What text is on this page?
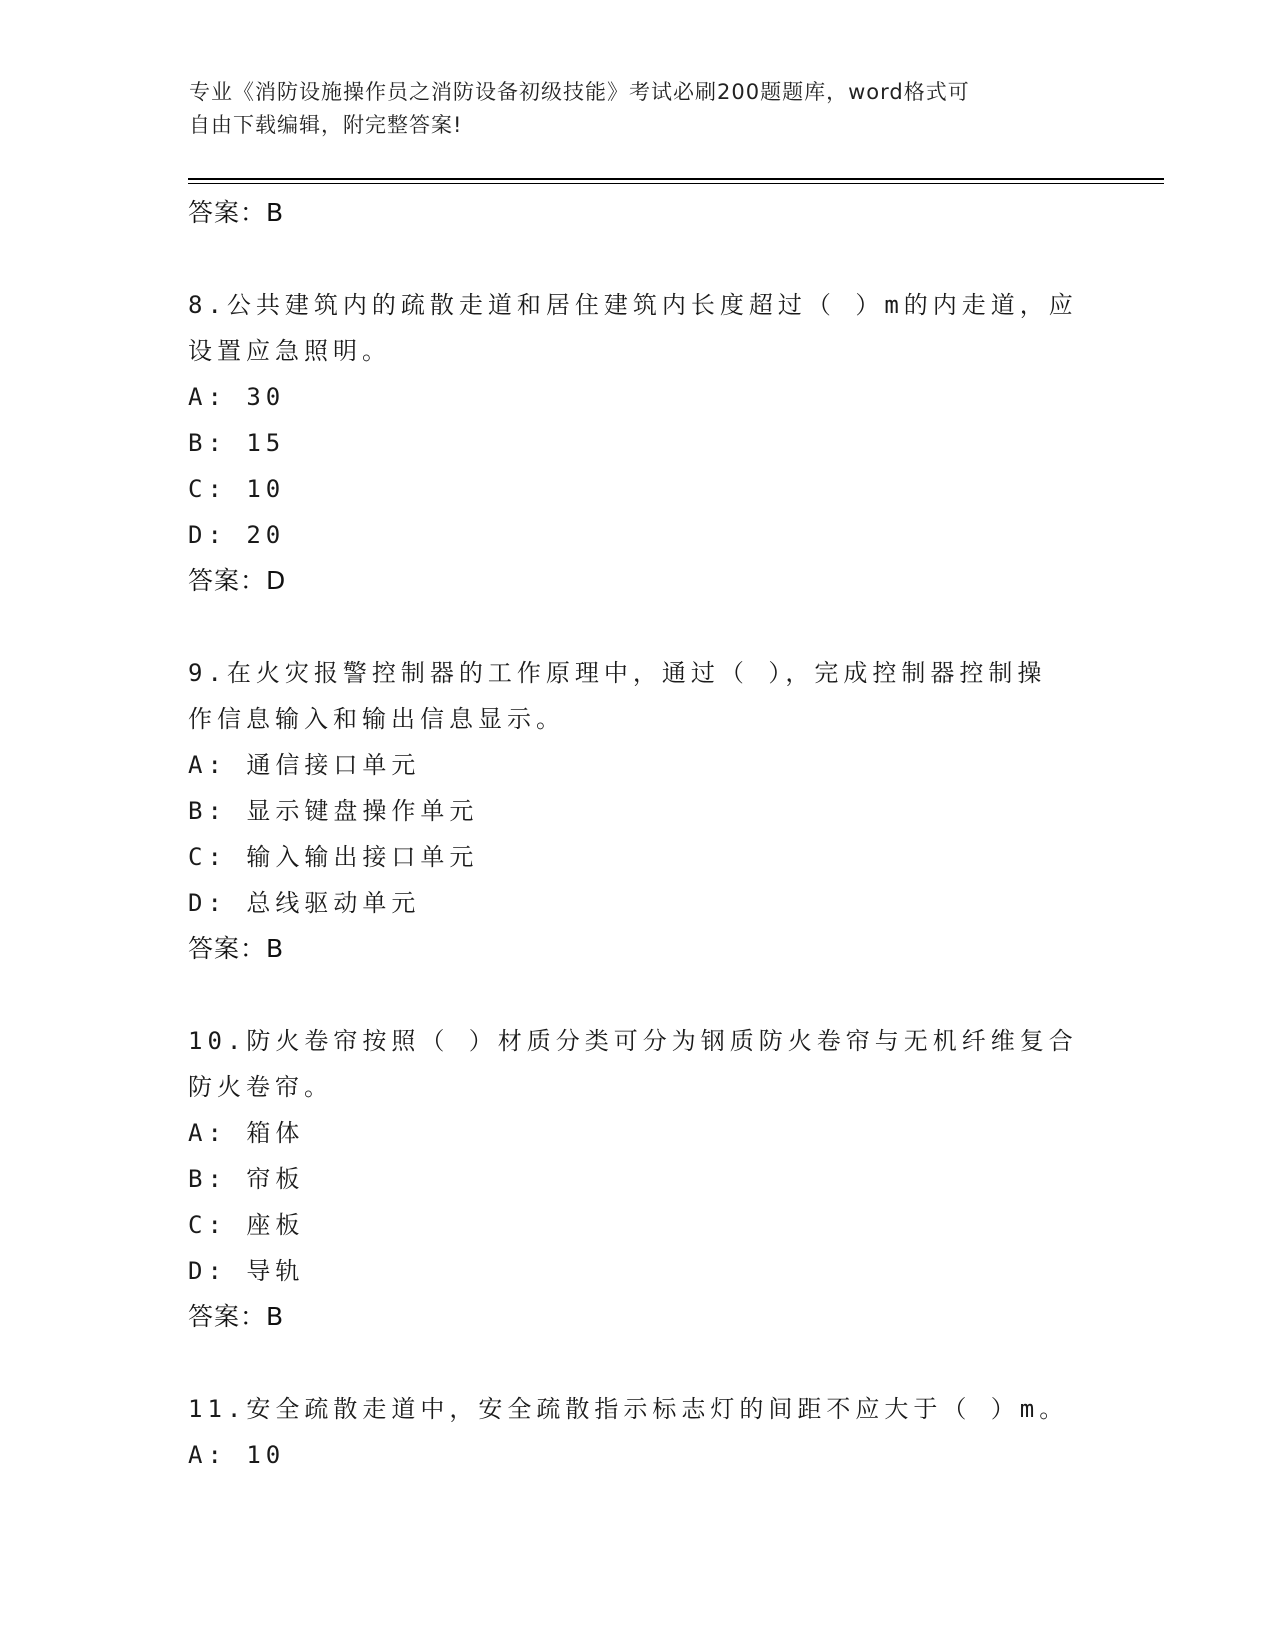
专业《消防设施操作员之消防设备初级技能》考试必刷200题题库，word格式可
自由下载编辑，附完整答案!
答案：B
8.公共建筑内的疏散走道和居住建筑内长度超过（ ）m的内走道，应
设置应急照明。
A: 30
B: 15
C: 10
D: 20
答案：D
9.在火灾报警控制器的工作原理中，通过（ ），完成控制器控制操
作信息输入和输出信息显示。
A: 通信接口单元
B: 显示键盘操作单元
C: 输入输出接口单元
D: 总线驱动单元
答案：B
10.防火卷帘按照（ ）材质分类可分为钢质防火卷帘与无机纤维复合
防火卷帘。
A: 箱体
B: 帘板
C: 座板
D: 导轨
答案：B
11.安全疏散走道中，安全疏散指示标志灯的间距不应大于（ ）m。
A: 10
